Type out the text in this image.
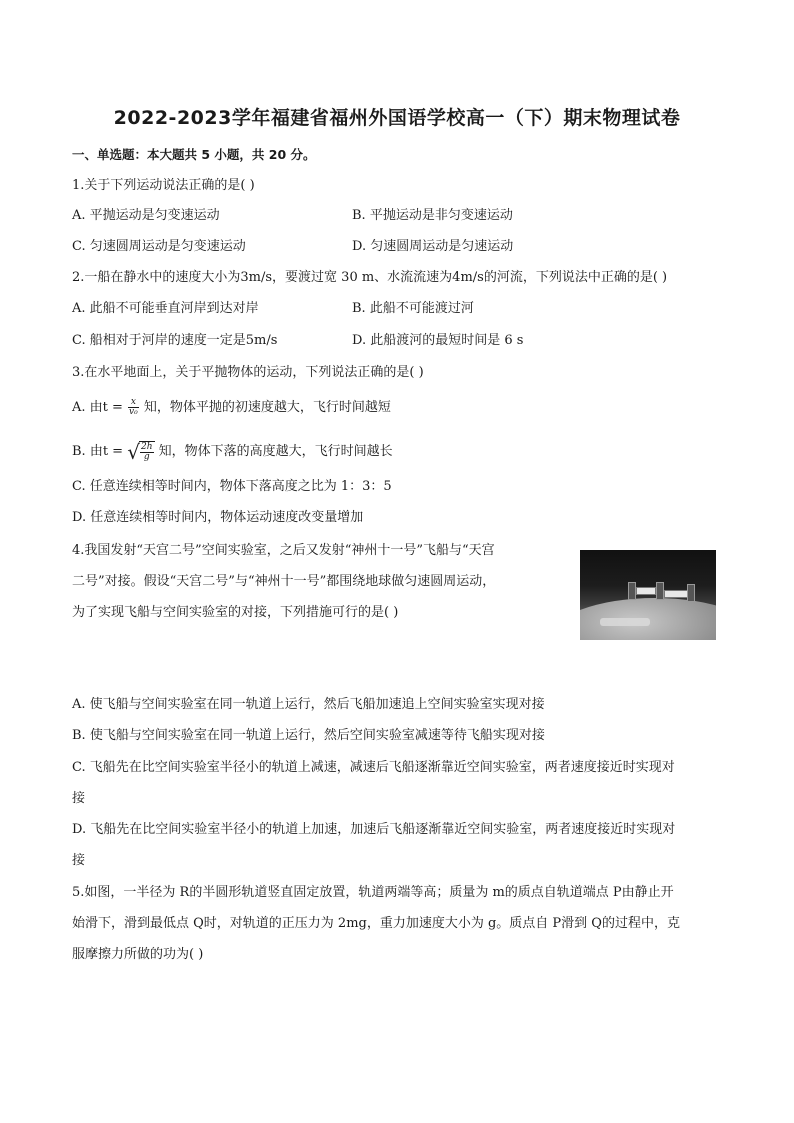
2022-2023学年福建省福州外国语学校高一（下）期末物理试卷
一、单选题：本大题共 5 小题，共 20 分。
1.关于下列运动说法正确的是( )
A. 平抛运动是匀变速运动	B. 平抛运动是非匀变速运动
C. 匀速圆周运动是匀变速运动	D. 匀速圆周运动是匀速运动
2.一船在静水中的速度大小为3m/s，要渡过宽 30 m、水流流速为4m/s的河流，下列说法中正确的是( )
A. 此船不可能垂直河岸到达对岸	B. 此船不可能渡过河
C. 船相对于河岸的速度一定是5m/s	D. 此船渡河的最短时间是 6 s
3.在水平地面上，关于平抛物体的运动，下列说法正确的是( )
A. 由$t = \frac{x}{\text{v₀}}$ 知，物体平抛的初速度越大，飞行时间越短
B. 由t = √ $\frac{2h}{g}$ 知，物体下落的高度越大，飞行时间越长
C. 任意连续相等时间内，物体下落高度之比为 1：3：5
D. 任意连续相等时间内，物体运动速度改变量增加
4.我国发射“天宫二号”空间实验室，之后又发射“神州十一号”飞船与“天宫
二号”对接。假设“天宫二号”与“神州十一号”都围绕地球做匀速圆周运动，
为了实现飞船与空间实验室的对接，下列措施可行的是( )
A. 使飞船与空间实验室在同一轨道上运行，然后飞船加速追上空间实验室实现对接
B. 使飞船与空间实验室在同一轨道上运行，然后空间实验室减速等待飞船实现对接
C. 飞船先在比空间实验室半径小的轨道上减速，减速后飞船逐渐靠近空间实验室，两者速度接近时实现对
接
D. 飞船先在比空间实验室半径小的轨道上加速，加速后飞船逐渐靠近空间实验室，两者速度接近时实现对
接
5.如图，一半径为 R的半圆形轨道竖直固定放置，轨道两端等高；质量为 m的质点自轨道端点 P由静止开
始滑下，滑到最低点 Q时，对轨道的正压力为 2mg，重力加速度大小为 g。质点自 P滑到 Q的过程中，克
服摩擦力所做的功为( )
